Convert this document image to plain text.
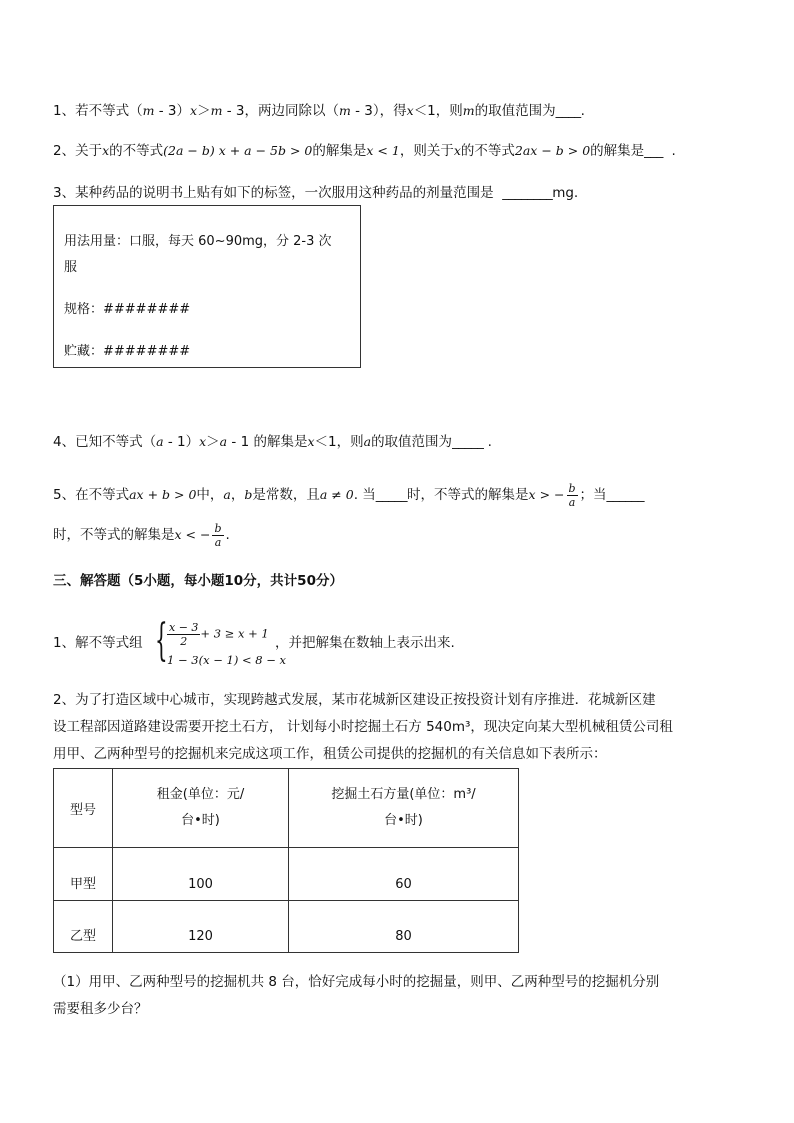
1、若不等式（m - 3）x＞m - 3，两边同除以（m - 3），得x＜1，则m的取值范围为____.
2、关于x的不等式(2a − b) x + a − 5b > 0的解集是x < 1，则关于x的不等式2ax − b > 0的解集是___ .
3、某种药品的说明书上贴有如下的标签，一次服用这种药品的剂量范围是 ________mg.
用法用量：口服，每天 60~90mg，分 2-3 次
服
规格：########
贮藏：########
4、已知不等式（a - 1）x＞a - 1 的解集是x＜1，则a的取值范围为_____ .
5、在不等式ax + b > 0中，a，b是常数，且a ≠ 0. 当_____时，不等式的解集是x > − $\frac{b}{a}$ ；当______
时，不等式的解集是x < − $\frac{b}{a}$ .
三、解答题（5小题，每小题10分，共计50分）
1、解不等式组 { $\frac{x - 3}{2} + 3 \ge x + 1$
1 − 3(x − 1) < 8 − x
，并把解集在数轴上表示出来.
2、为了打造区域中心城市，实现跨越式发展，某市花城新区建设正按投资计划有序推进．花城新区建
设工程部因道路建设需要开挖土石方， 计划每小时挖掘土石方 540m³，现决定向某大型机械租赁公司租
用甲、乙两种型号的挖掘机来完成这项工作，租赁公司提供的挖掘机的有关信息如下表所示：
型号	租金(单位：元/
台•时)	挖掘土石方量(单位：m³/
台•时)
甲型	100	60
乙型	120	80
（1）用甲、乙两种型号的挖掘机共 8 台，恰好完成每小时的挖掘量，则甲、乙两种型号的挖掘机分别
需要租多少台？
